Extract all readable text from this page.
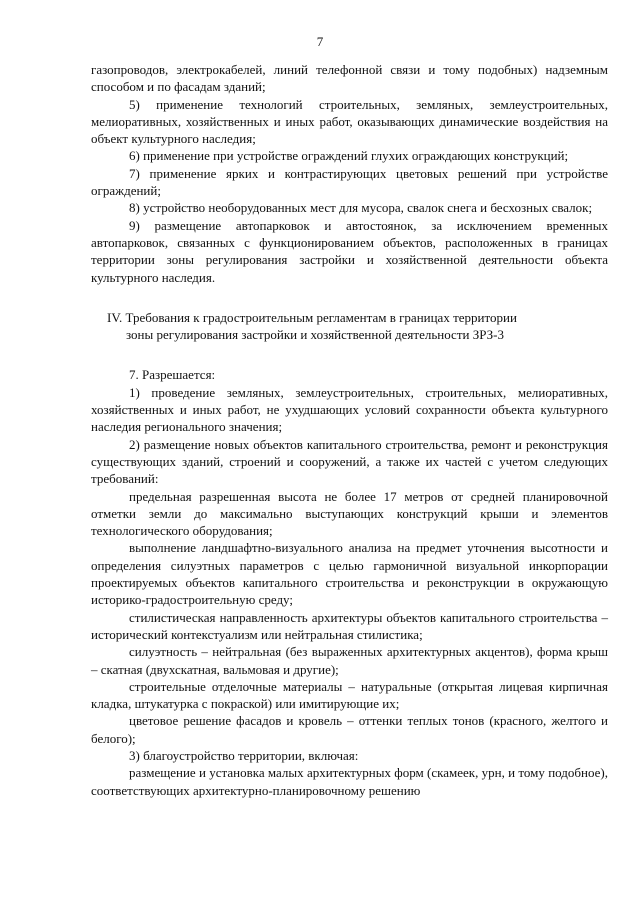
7

газопроводов, электрокабелей, линий телефонной связи и тому подобных) надземным способом и по фасадам зданий;

5) применение технологий строительных, земляных, землеустроительных, мелиоративных, хозяйственных и иных работ, оказывающих динамические воздействия на объект культурного наследия;

6) применение при устройстве ограждений глухих ограждающих конструкций;

7) применение ярких и контрастирующих цветовых решений при устройстве ограждений;

8) устройство необорудованных мест для мусора, свалок снега и бесхозных свалок;

9) размещение автопарковок и автостоянок, за исключением временных автопарковок, связанных с функционированием объектов, расположенных в границах территории зоны регулирования застройки и хозяйственной деятельности объекта культурного наследия.

IV. Требования к градостроительным регламентам в границах территории
зоны регулирования застройки и хозяйственной деятельности ЗРЗ-3

7. Разрешается:

1) проведение земляных, землеустроительных, строительных, мелиоративных, хозяйственных и иных работ, не ухудшающих условий сохранности объекта культурного наследия регионального значения;

2) размещение новых объектов капитального строительства, ремонт и реконструкция существующих зданий, строений и сооружений, а также их частей с учетом следующих требований:

предельная разрешенная высота не более 17 метров от средней планировочной отметки земли до максимально выступающих конструкций крыши и элементов технологического оборудования;

выполнение ландшафтно-визуального анализа на предмет уточнения высотности и определения силуэтных параметров с целью гармоничной визуальной инкорпорации проектируемых объектов капитального строительства и реконструкции в окружающую историко-градостроительную среду;

стилистическая направленность архитектуры объектов капитального строительства – исторический контекстуализм или нейтральная стилистика;

силуэтность – нейтральная (без выраженных архитектурных акцентов), форма крыш – скатная (двухскатная, вальмовая и другие);

строительные отделочные материалы – натуральные (открытая лицевая кирпичная кладка, штукатурка с покраской) или имитирующие их;

цветовое решение фасадов и кровель – оттенки теплых тонов (красного, желтого и белого);

3) благоустройство территории, включая:

размещение и установка малых архитектурных форм (скамеек, урн, и тому подобное), соответствующих архитектурно-планировочному решению
